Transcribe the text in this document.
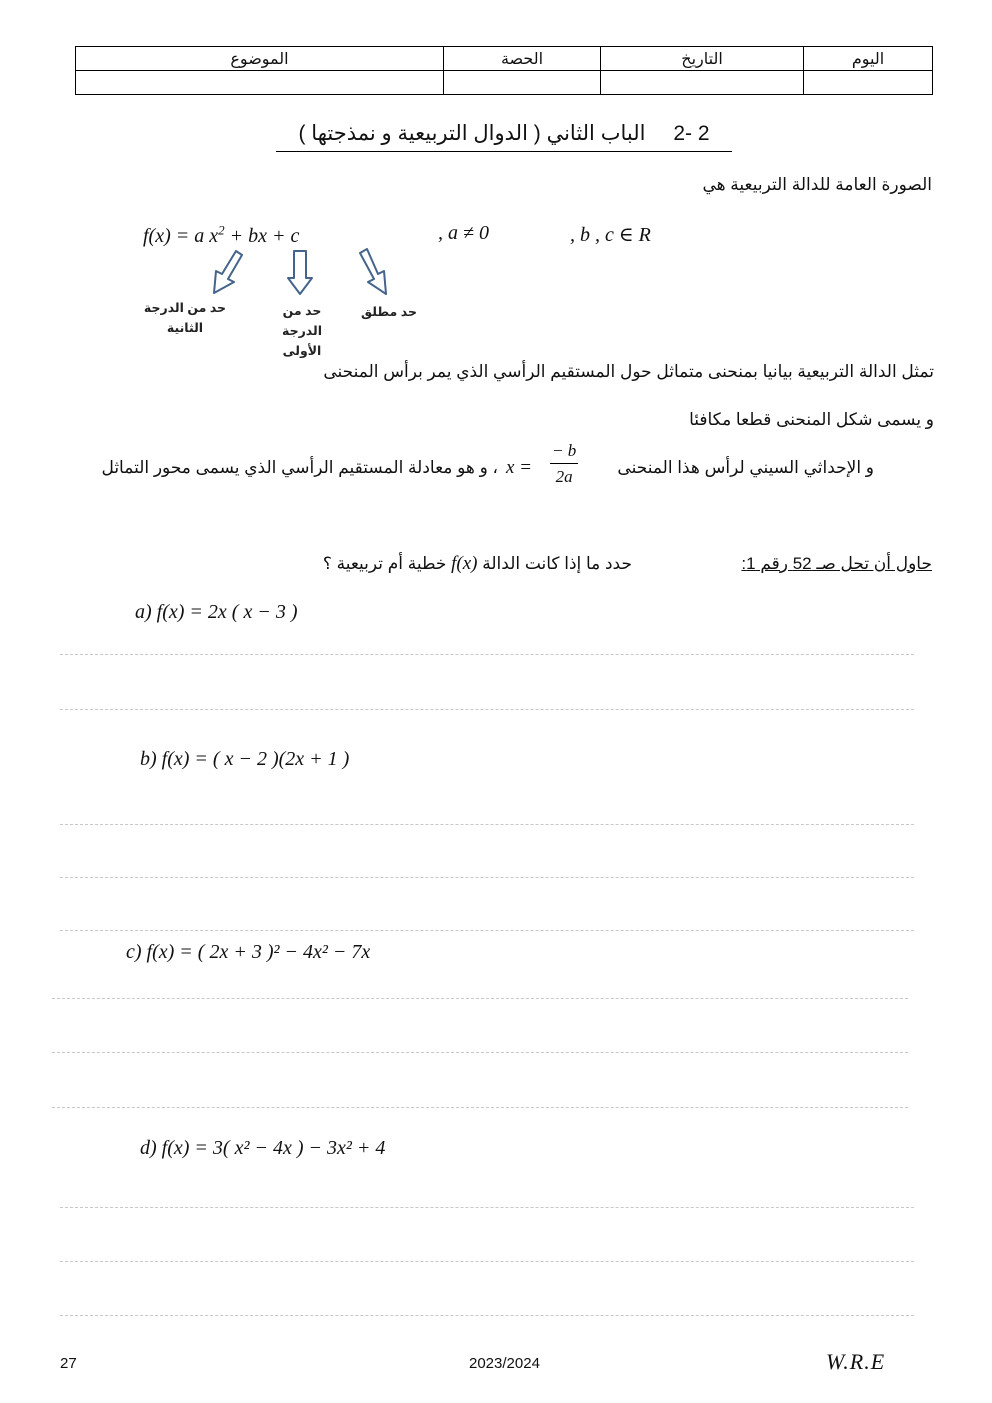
الموضوع	الحصة	التاريخ	اليوم

2 -2 الباب الثاني ( الدوال التربيعية و نمذجتها )
الصورة العامة للدالة التربيعية هي
f(x) = a $x^2$ + bx + c	, a ≠ 0	, b , c ∈ R
حد من الدرجة الثانية
حد من الدرجة الأولى
حد مطلق
تمثل الدالة التربيعية بيانيا بمنحنى متماثل حول المستقيم الرأسي الذي يمر برأس المنحنى
و يسمى شكل المنحنى قطعا مكافئا
و الإحداثي السيني لرأس هذا المنحنى
$\frac{- b}{2a}$
x =
، و هو معادلة المستقيم الرأسي الذي يسمى محور التماثل
حاول أن تحل صـ 52 رقم 1:
حدد ما إذا كانت الدالة f(x) خطية أم تربيعية ؟
a) f(x) = 2x ( x − 3 )
b) f(x) = ( x − 2 )(2x + 1 )
c) f(x) = ( 2x + 3 )² − 4x² − 7x
d) f(x) = 3( x² − 4x ) − 3x² + 4
27	2023/2024	W.R.E
